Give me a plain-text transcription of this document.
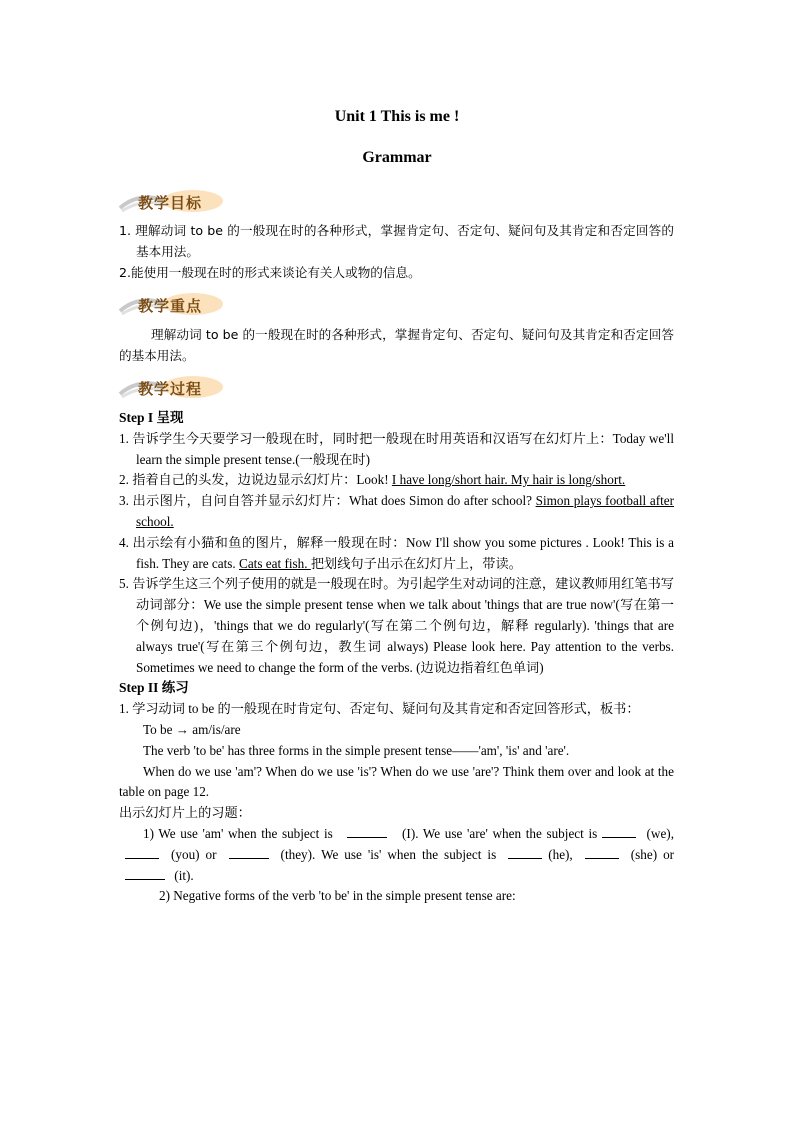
Unit 1 This is me !
Grammar
教学目标

1. 理解动词 to be 的一般现在时的各种形式，掌握肯定句、否定句、疑问句及其肯定和否定回答的基本用法。

2.能使用一般现在时的形式来谈论有关人或物的信息。

教学重点

理解动词 to be 的一般现在时的各种形式，掌握肯定句、否定句、疑问句及其肯定和否定回答的基本用法。

教学过程

Step I 呈现

1. 告诉学生今天要学习一般现在时，同时把一般现在时用英语和汉语写在幻灯片上：Today we'll learn the simple present tense.(一般现在时)

2. 指着自己的头发，边说边显示幻灯片：Look! I have long/short hair. My hair is long/short.

3. 出示图片，自问自答并显示幻灯片：What does Simon do after school? Simon plays football after school.

4. 出示绘有小猫和鱼的图片，解释一般现在时：Now I'll show you some pictures . Look! This is a fish. They are cats. Cats eat fish. 把划线句子出示在幻灯片上，带读。

5. 告诉学生这三个列子使用的就是一般现在时。为引起学生对动词的注意，建议教师用红笔书写动词部分：We use the simple present tense when we talk about 'things that are true now'(写在第一个例句边)，'things that we do regularly'(写在第二个例句边，解释 regularly). 'things that are always true'(写在第三个例句边，教生词 always) Please look here. Pay attention to the verbs. Sometimes we need to change the form of the verbs. (边说边指着红色单词)

Step II 练习

1. 学习动词 to be 的一般现在时肯定句、否定句、疑问句及其肯定和否定回答形式，板书：

To be → am/is/are

The verb 'to be' has three forms in the simple present tense——'am', 'is' and 'are'.

When do we use 'am'? When do we use 'is'? When do we use 'are'? Think them over and look at the table on page 12.

出示幻灯片上的习题：

1) We use 'am' when the subject is	(I). We use 'are' when the subject is	(we),  (you) or	(they). We use 'is' when the subject is	(he),	(she) or  (it).

2) Negative forms of the verb 'to be' in the simple present tense are:
